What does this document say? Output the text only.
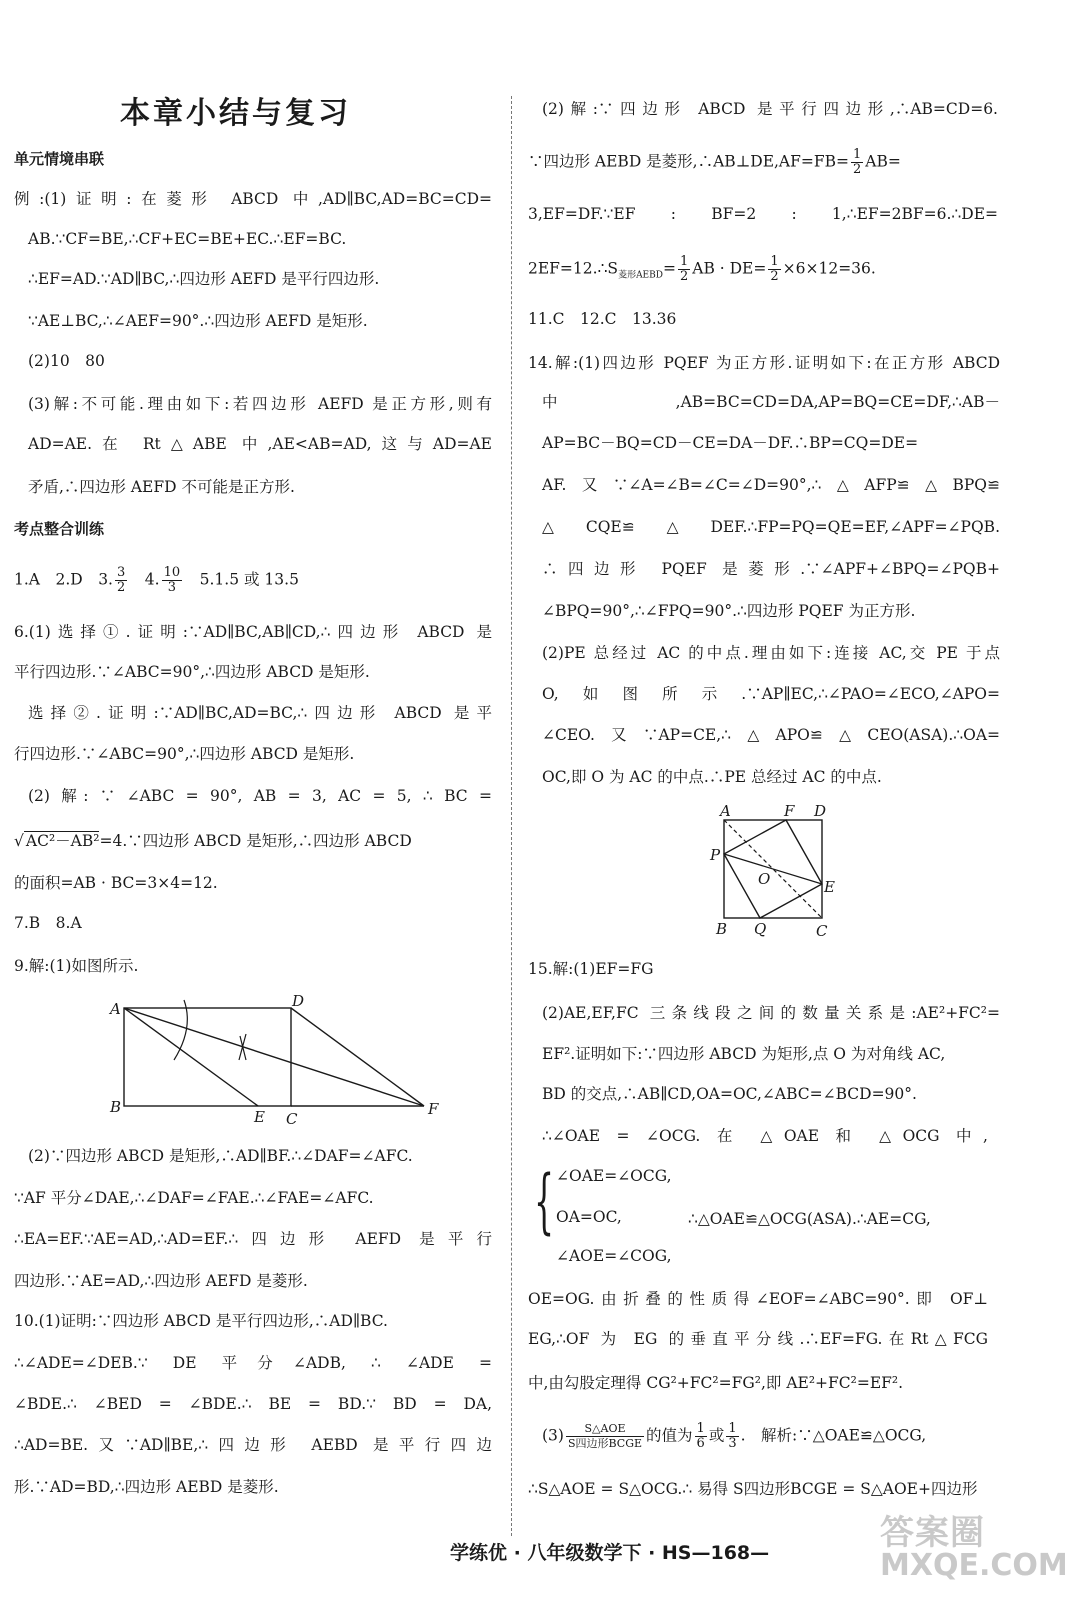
本章小结与复习
单元情境串联
例:(1)证明:在菱形 ABCD 中,AD∥BC,AD=BC=CD=
AB.∵CF=BE,∴CF+EC=BE+EC.∴EF=BC.
∴EF=AD.∵AD∥BC,∴四边形 AEFD 是平行四边形.
∵AE⊥BC,∴∠AEF=90°.∴四边形 AEFD 是矩形.
(2)10　80
(3)解:不可能.理由如下:若四边形 AEFD 是正方形,则有
AD=AE.在 Rt△ABE 中,AE<AB=AD,这与AD=AE
矛盾,∴四边形 AEFD 不可能是正方形.
考点整合训练
1.A　2.D　3. $\frac{3}{2}$ 　4. $\frac{10}{3}$ 　5.1.5 或 13.5
6.(1)选择①.证明:∵AD∥BC,AB∥CD,∴四边形 ABCD 是
平行四边形.∵∠ABC=90°,∴四边形 ABCD 是矩形.
选择②.证明:∵AD∥BC,AD=BC,∴四边形 ABCD 是平
行四边形.∵∠ABC=90°,∴四边形 ABCD 是矩形.
(2) 解: ∵ ∠ABC = 90°, AB = 3, AC = 5, ∴ BC =
√ AC²－AB²=4.∵四边形 ABCD 是矩形,∴四边形 ABCD
的面积=AB · BC=3×4=12.
7.B　8.A
9.解:(1)如图所示.
A
B
C
D
E	F
(2)∵四边形 ABCD 是矩形,∴AD∥BF.∴∠DAF=∠AFC.
∵AF 平分∠DAE,∴∠DAF=∠FAE.∴∠FAE=∠AFC.
∴EA=EF.∵AE=AD,∴AD=EF.∴四边形 AEFD 是平行
四边形.∵AE=AD,∴四边形 AEFD 是菱形.
10.(1)证明:∵四边形 ABCD 是平行四边形,∴AD∥BC.
∴∠ADE=∠DEB.∵ DE 平分∠ADB, ∴ ∠ADE =
∠BDE.∴ ∠BED = ∠BDE.∴ BE = BD.∵ BD = DA,
∴AD=BE.又∵AD∥BE,∴四边形 AEBD 是平行四边
形.∵AD=BD,∴四边形 AEBD 是菱形.
(2)解:∵四边形 ABCD 是平行四边形,∴AB=CD=6.
∵四边形 AEBD 是菱形,∴AB⊥DE,AF=FB= $\frac{1}{2} AB=$
3,EF=DF.∵EF : BF=2 : 1,∴EF=2BF=6.∴DE=
$2EF=12.\therefore S_{菱形AEBD}= \frac{1}{2}$ AB · $DE= \frac{1}{2} \times 6\times 12=36$.
11.C　12.C　13.36
14.解:(1)四边形 PQEF 为正方形.证明如下:在正方形 ABCD
中,AB=BC=CD=DA,AP=BQ=CE=DF,∴AB－
AP=BC－BQ=CD－CE=DA－DF.∴BP=CQ=DE=
AF.又∵∠A=∠B=∠C=∠D=90°,∴△AFP≌△BPQ≌
△CQE≌△DEF.∴FP=PQ=QE=EF,∠APF=∠PQB.
∴四边形 PQEF 是菱形.∵∠APF+∠BPQ=∠PQB+
∠BPQ=90°,∴∠FPQ=90°.∴四边形 PQEF 为正方形.
(2)PE 总经过 AC 的中点.理由如下:连接 AC,交 PE 于点
O,如图所示.∵AP∥EC,∴∠PAO=∠ECO,∠APO=
∠CEO.又∵AP=CE,∴△APO≌△CEO(ASA).∴OA=
OC,即 O 为 AC 的中点.∴PE 总经过 AC 的中点.
A	F D
P
O	E
B Q	C
15.解:(1)EF=FG
(2)AE,EF,FC 三条线段之间的数量关系是:AE²+FC²=
EF².证明如下:∵四边形 ABCD 为矩形,点 O 为对角线 AC,
BD 的交点,∴AB∥CD,OA=OC,∠ABC=∠BCD=90°.
∴∠OAE = ∠OCG. 在 △OAE 和 △OCG 中,
{ ∠OAE=∠OCG,
OA=OC,	∴△OAE≌△OCG(ASA).∴AE=CG,
∠AOE=∠COG,
OE=OG.由折叠的性质得∠EOF=∠ABC=90°.即 OF⊥
EG,∴OF 为 EG 的垂直平分线.∴EF=FG.在Rt△FCG
中,由勾股定理得 CG²+FC²=FG²,即 AE²+FC²=EF².
$(3) \frac{\text{S△AOE}}{\text{S四边形BCGE}}$ 的值为 $\frac{1}{6}$ 或 $\frac{1}{3}$ .　解析:∵△OAE≌△OCG,
∴S△AOE = S△OCG.∴ 易得 S四边形BCGE = S△AOE+四边形
答案圈
MXQE.COM
学练优 · 八年级数学下 · HS—168—
